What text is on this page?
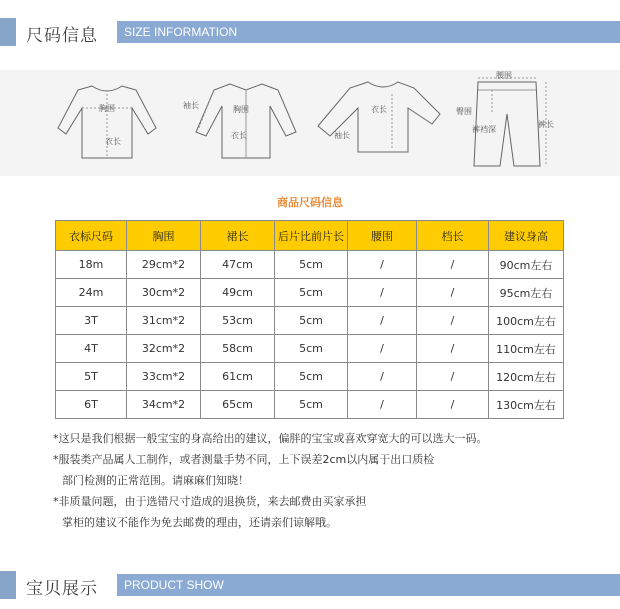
尺码信息	SIZE INFORMATION
胸围
衣长
袖长	胸围
衣长
衣长
袖长
腰围
臀围
裤裆深
裤长
商品尺码信息
衣标尺码	胸围	裙长	后片比前片长	腰围	档长	建议身高
18m	29cm*2	47cm	5cm	/	/	90cm左右
24m	30cm*2	49cm	5cm	/	/	95cm左右
3T	31cm*2	53cm	5cm	/	/	100cm左右
4T	32cm*2	58cm	5cm	/	/	110cm左右
5T	33cm*2	61cm	5cm	/	/	120cm左右
6T	34cm*2	65cm	5cm	/	/	130cm左右

*这只是我们根据一般宝宝的身高给出的建议，偏胖的宝宝或喜欢穿宽大的可以选大一码。

*服装类产品属人工制作，或者测量手势不同，上下误差2cm以内属于出口质检

部门检测的正常范围。请麻麻们知晓！

*非质量问题，由于选错尺寸造成的退换货，来去邮费由买家承担

掌柜的建议不能作为免去邮费的理由，还请亲们谅解哦。

宝贝展示	PRODUCT SHOW
